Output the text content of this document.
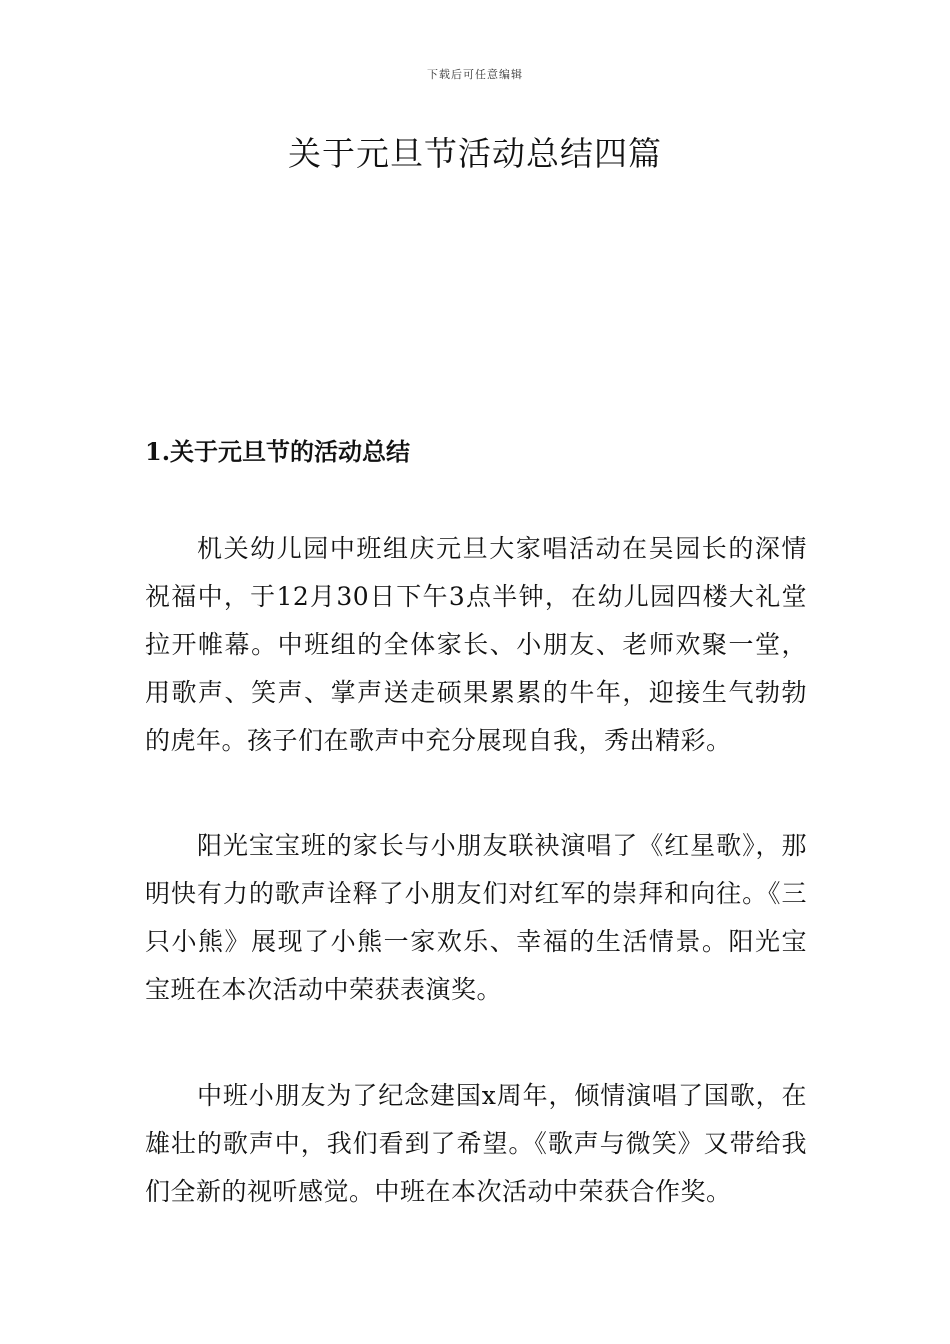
下载后可任意编辑
关于元旦节活动总结四篇
1.关于元旦节的活动总结

机关幼儿园中班组庆元旦大家唱活动在吴园长的深情祝福中，于12月30日下午3点半钟，在幼儿园四楼大礼堂拉开帷幕。中班组的全体家长、小朋友、老师欢聚一堂，用歌声、笑声、掌声送走硕果累累的牛年，迎接生气勃勃的虎年。孩子们在歌声中充分展现自我，秀出精彩。

阳光宝宝班的家长与小朋友联袂演唱了《红星歌》，那明快有力的歌声诠释了小朋友们对红军的崇拜和向往。《三只小熊》展现了小熊一家欢乐、幸福的生活情景。阳光宝宝班在本次活动中荣获表演奖。

中班小朋友为了纪念建国x周年，倾情演唱了国歌，在雄壮的歌声中，我们看到了希望。《歌声与微笑》又带给我们全新的视听感觉。中班在本次活动中荣获合作奖。
